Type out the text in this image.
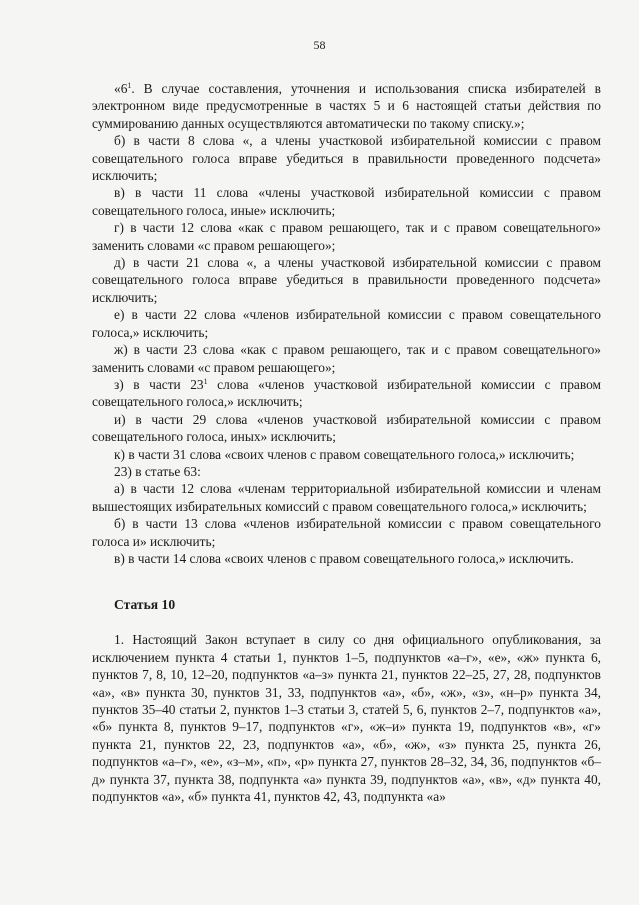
58

«$6^1$. В случае составления, уточнения и использования списка избирателей в электронном виде предусмотренные в частях 5 и 6 настоящей статьи действия по суммированию данных осуществляются автоматически по такому списку.»;

б) в части 8 слова «, а члены участковой избирательной комиссии с правом совещательного голоса вправе убедиться в правильности проведенного подсчета» исключить;

в) в части 11 слова «члены участковой избирательной комиссии с правом совещательного голоса, иные» исключить;

г) в части 12 слова «как с правом решающего, так и с правом совещательного» заменить словами «с правом решающего»;

д) в части 21 слова «, а члены участковой избирательной комиссии с правом совещательного голоса вправе убедиться в правильности проведенного подсчета» исключить;

е) в части 22 слова «членов избирательной комиссии с правом совещательного голоса,» исключить;

ж) в части 23 слова «как с правом решающего, так и с правом совещательного» заменить словами «с правом решающего»;

з) в части $23^1$ слова «членов участковой избирательной комиссии с правом совещательного голоса,» исключить;

и) в части 29 слова «членов участковой избирательной комиссии с правом совещательного голоса, иных» исключить;

к) в части 31 слова «своих членов с правом совещательного голоса,» исключить;

23) в статье 63:

а) в части 12 слова «членам территориальной избирательной комиссии и членам вышестоящих избирательных комиссий с правом совещательного голоса,» исключить;

б) в части 13 слова «членов избирательной комиссии с правом совещательного голоса и» исключить;

в) в части 14 слова «своих членов с правом совещательного голоса,» исключить.

Статья 10

1. Настоящий Закон вступает в силу со дня официального опубликования, за исключением пункта 4 статьи 1, пунктов 1–5, подпунктов «а–г», «е», «ж» пункта 6, пунктов 7, 8, 10, 12–20, подпунктов «а–з» пункта 21, пунктов 22–25, 27, 28, подпунктов «а», «в» пункта 30, пунктов 31, 33, подпунктов «а», «б», «ж», «з», «н–р» пункта 34, пунктов 35–40 статьи 2, пунктов 1–3 статьи 3, статей 5, 6, пунктов 2–7, подпунктов «а», «б» пункта 8, пунктов 9–17, подпунктов «г», «ж–и» пункта 19, подпунктов «в», «г» пункта 21, пунктов 22, 23, подпунктов «а», «б», «ж», «з» пункта 25, пункта 26, подпунктов «а–г», «е», «з–м», «п», «р» пункта 27, пунктов 28–32, 34, 36, подпунктов «б–д» пункта 37, пункта 38, подпункта «а» пункта 39, подпунктов «а», «в», «д» пункта 40, подпунктов «а», «б» пункта 41, пунктов 42, 43, подпункта «а»
